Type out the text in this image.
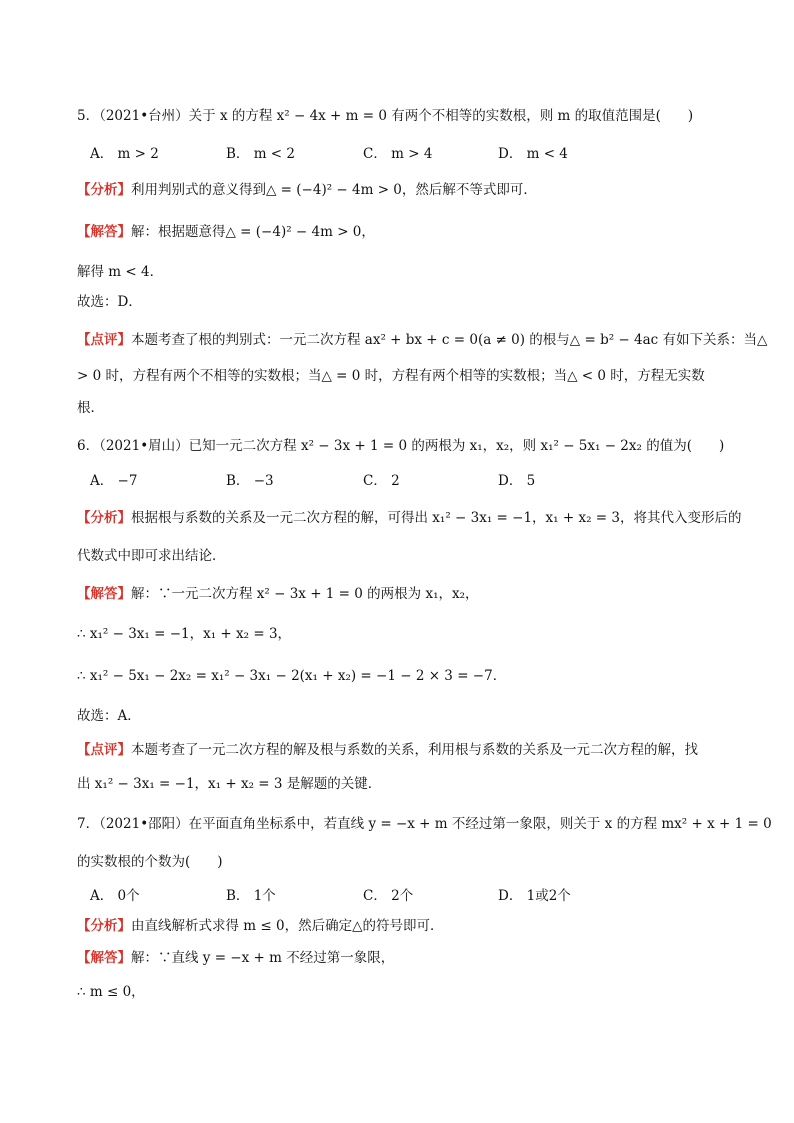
5．（2021•台州）关于 x 的方程 x² − 4x + m = 0 有两个不相等的实数根，则 m 的取值范围是(　　)
A． m > 2	B． m < 2	C． m > 4	D． m < 4
【分析】利用判别式的意义得到△ = (−4)² − 4m > 0，然后解不等式即可．
【解答】解：根据题意得△ = (−4)² − 4m > 0，
解得 m < 4．
故选：D．
【点评】本题考查了根的判别式：一元二次方程 ax² + bx + c = 0(a ≠ 0) 的根与△ = b² − 4ac 有如下关系：当△
> 0 时，方程有两个不相等的实数根；当△ = 0 时，方程有两个相等的实数根；当△ < 0 时，方程无实数
根．
6．（2021•眉山）已知一元二次方程 x² − 3x + 1 = 0 的两根为 x₁，x₂，则 x₁² − 5x₁ − 2x₂ 的值为(　　)
A． −7	B． −3	C． 2	D． 5
【分析】根据根与系数的关系及一元二次方程的解，可得出 x₁² − 3x₁ = −1，x₁ + x₂ = 3，将其代入变形后的
代数式中即可求出结论．
【解答】解：∵一元二次方程 x² − 3x + 1 = 0 的两根为 x₁，x₂，
∴ x₁² − 3x₁ = −1，x₁ + x₂ = 3，
∴ x₁² − 5x₁ − 2x₂ = x₁² − 3x₁ − 2(x₁ + x₂) = −1 − 2 × 3 = −7．
故选：A．
【点评】本题考查了一元二次方程的解及根与系数的关系，利用根与系数的关系及一元二次方程的解，找
出 x₁² − 3x₁ = −1，x₁ + x₂ = 3 是解题的关键．
7．（2021•邵阳）在平面直角坐标系中，若直线 y = −x + m 不经过第一象限，则关于 x 的方程 mx² + x + 1 = 0
的实数根的个数为(　　)
A． 0个	B． 1个	C． 2个	D． 1或2个
【分析】由直线解析式求得 m ≤ 0，然后确定△的符号即可．
【解答】解：∵直线 y = −x + m 不经过第一象限，
∴ m ≤ 0，
